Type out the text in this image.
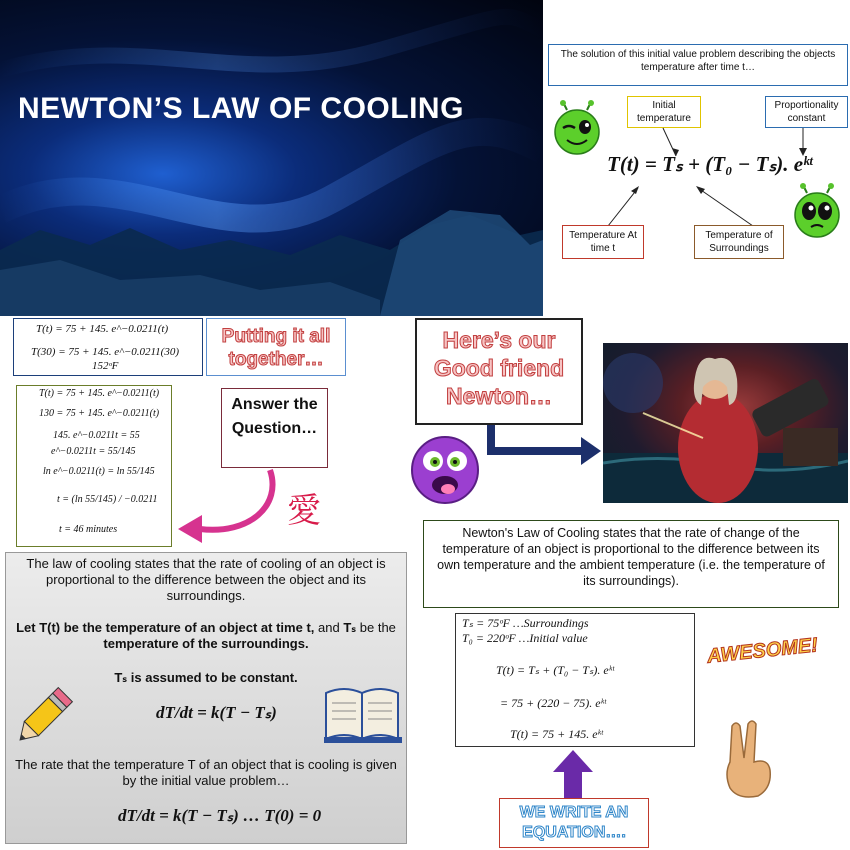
NEWTON’S LAW OF COOLING
The solution of this initial value problem describing the objects temperature after time t…
Initial temperature
Proportionality constant
T(t) = Tₛ + (T₀ − Tₛ). eᵏᵗ
Temperature At time t
Temperature of Surroundings
T(t) = 75 + 145. e^−0.0211(t)
T(30) = 75 + 145. e^−0.0211(30)
152ᵒF
Putting it all together…
T(t) = 75 + 145. e^−0.0211(t)
130 = 75 + 145. e^−0.0211(t)
145. e^−0.0211t = 55
e^−0.0211t = 55/145
ln e^−0.0211(t) = ln 55/145
t = (ln 55/145) / −0.0211
t = 46 minutes
Answer the Question…
愛
The law of cooling states that the rate of cooling of an object is proportional to the difference between the object and its surroundings.
Let T(t) be the temperature of an object at time t, and Tₛ be the temperature of the surroundings.
Tₛ is assumed to be constant.
dT/dt = k(T − Tₛ)
The rate that the temperature T of an object that is cooling is given by the initial value problem…
dT/dt = k(T − Tₛ) … T(0) = 0
Here’s our Good friend Newton…
Newton's Law of Cooling states that the rate of change of the temperature of an object is proportional to the difference between its own temperature and the ambient temperature (i.e. the temperature of its surroundings).
Tₛ = 75ᵒF …Surroundings
T₀ = 220ᵒF …Initial value
T(t) = Tₛ + (T₀ − Tₛ). eᵏᵗ
= 75 + (220 − 75). eᵏᵗ
T(t) = 75 + 145. eᵏᵗ
AWESOME!
WE WRITE AN EQUATION….
